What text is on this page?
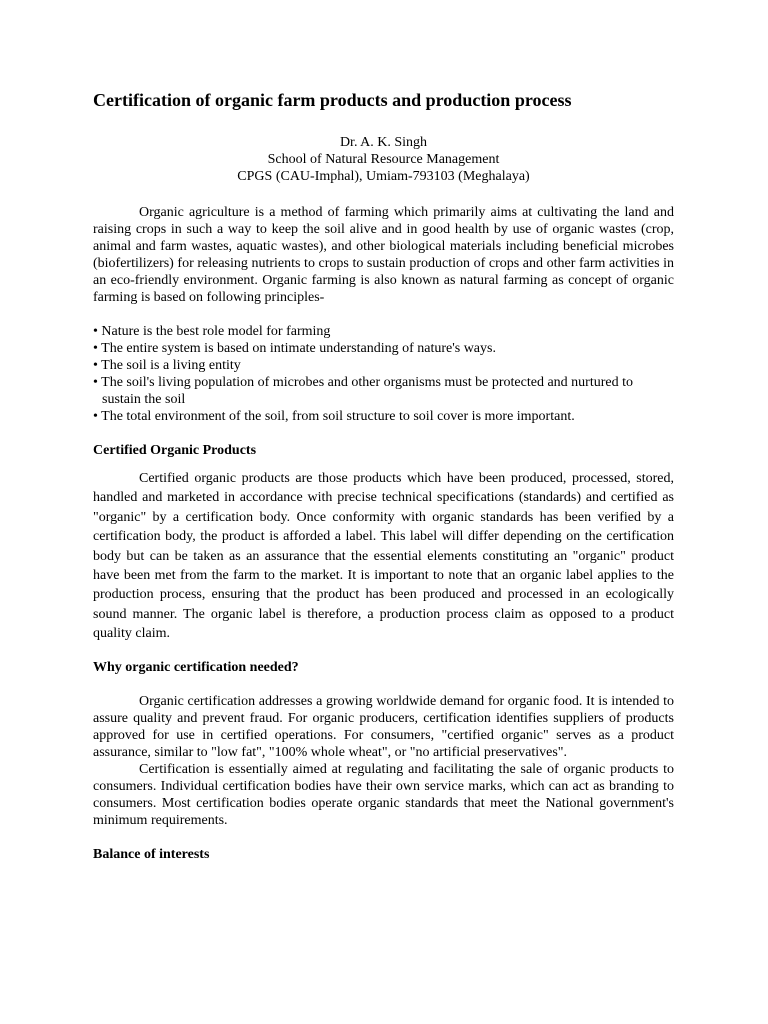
Certification of organic farm products and production process
Dr. A. K. Singh
School of Natural Resource Management
CPGS (CAU-Imphal), Umiam-793103 (Meghalaya)

Organic agriculture is a method of farming which primarily aims at cultivating the land and raising crops in such a way to keep the soil alive and in good health by use of organic wastes (crop, animal and farm wastes, aquatic wastes), and other biological materials including beneficial microbes (biofertilizers) for releasing nutrients to crops to sustain production of crops and other farm activities in an eco-friendly environment. Organic farming is also known as natural farming as concept of organic farming is based on following principles-

• Nature is the best role model for farming
• The entire system is based on intimate understanding of nature's ways.
• The soil is a living entity
• The soil's living population of microbes and other organisms must be protected and nurtured to sustain the soil
• The total environment of the soil, from soil structure to soil cover is more important.
Certified Organic Products

Certified organic products are those products which have been produced, processed, stored, handled and marketed in accordance with precise technical specifications (standards) and certified as "organic" by a certification body. Once conformity with organic standards has been verified by a certification body, the product is afforded a label. This label will differ depending on the certification body but can be taken as an assurance that the essential elements constituting an "organic" product have been met from the farm to the market. It is important to note that an organic label applies to the production process, ensuring that the product has been produced and processed in an ecologically sound manner. The organic label is therefore, a production process claim as opposed to a product quality claim.

Why organic certification needed?

Organic certification addresses a growing worldwide demand for organic food. It is intended to assure quality and prevent fraud. For organic producers, certification identifies suppliers of products approved for use in certified operations. For consumers, "certified organic" serves as a product assurance, similar to "low fat", "100% whole wheat", or "no artificial preservatives".

Certification is essentially aimed at regulating and facilitating the sale of organic products to consumers. Individual certification bodies have their own service marks, which can act as branding to consumers. Most certification bodies operate organic standards that meet the National government's minimum requirements.

Balance of interests
